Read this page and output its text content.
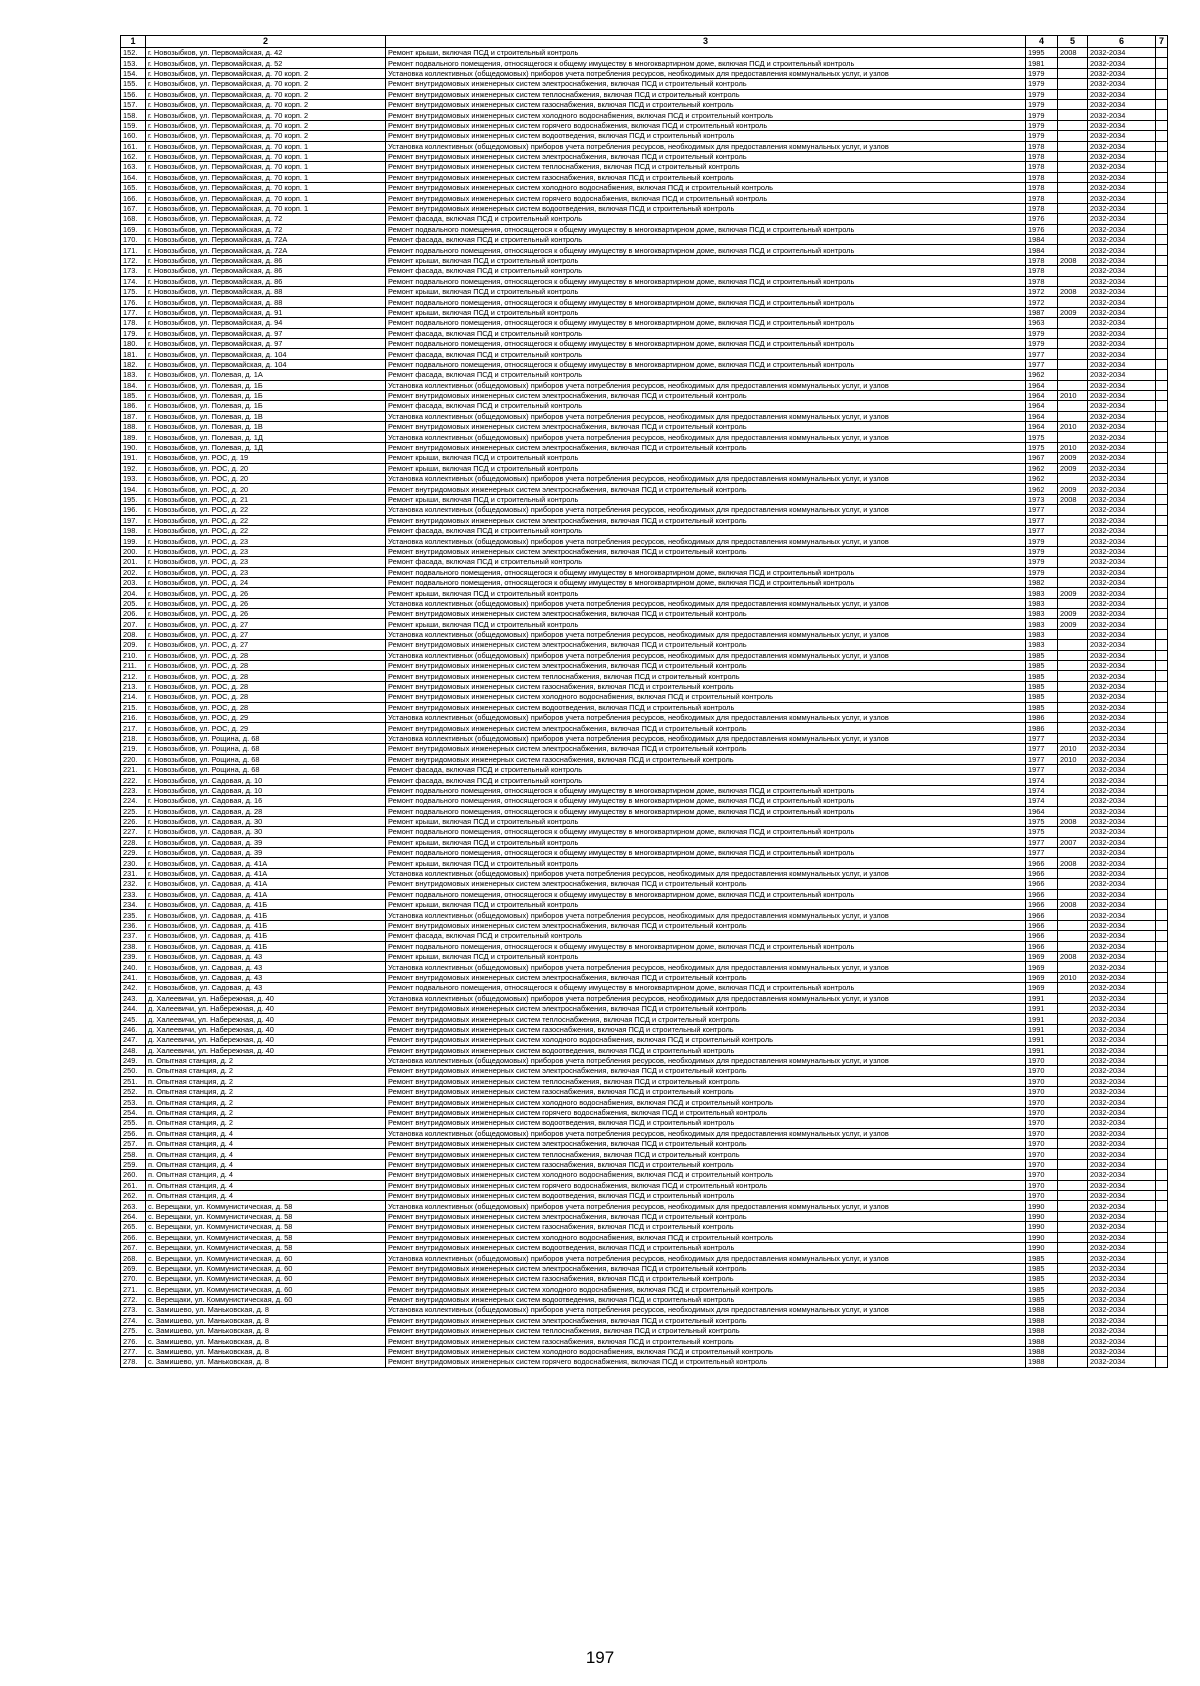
1	2	3	4	5	6	7
152.	г. Новозыбков, ул. Первомайская, д. 42	Ремонт крыши, включая ПСД и строительный контроль	1995	2008	2032-2034	
153.	г. Новозыбков, ул. Первомайская, д. 52	Ремонт подвального помещения, относящегося к общему имуществу в многоквартирном доме, включая ПСД и строительный контроль	1981		2032-2034	
154.	г. Новозыбков, ул. Первомайская, д. 70 корп. 2	Установка коллективных (общедомовых) приборов учета потребления ресурсов, необходимых для предоставления коммунальных услуг, и узлов	1979		2032-2034	
155.	г. Новозыбков, ул. Первомайская, д. 70 корп. 2	Ремонт внутридомовых инженерных систем электроснабжения, включая ПСД и строительный контроль	1979		2032-2034	
156.	г. Новозыбков, ул. Первомайская, д. 70 корп. 2	Ремонт внутридомовых инженерных систем теплоснабжения, включая ПСД и строительный контроль	1979		2032-2034	
157.	г. Новозыбков, ул. Первомайская, д. 70 корп. 2	Ремонт внутридомовых инженерных систем газоснабжения, включая ПСД и строительный контроль	1979		2032-2034	
158.	г. Новозыбков, ул. Первомайская, д. 70 корп. 2	Ремонт внутридомовых инженерных систем холодного водоснабжения, включая ПСД и строительный контроль	1979		2032-2034	
159.	г. Новозыбков, ул. Первомайская, д. 70 корп. 2	Ремонт внутридомовых инженерных систем горячего водоснабжения, включая ПСД и строительный контроль	1979		2032-2034	
160.	г. Новозыбков, ул. Первомайская, д. 70 корп. 2	Ремонт внутридомовых инженерных систем водоотведения, включая ПСД и строительный контроль	1979		2032-2034	
161.	г. Новозыбков, ул. Первомайская, д. 70 корп. 1	Установка коллективных (общедомовых) приборов учета потребления ресурсов, необходимых для предоставления коммунальных услуг, и узлов	1978		2032-2034	
162.	г. Новозыбков, ул. Первомайская, д. 70 корп. 1	Ремонт внутридомовых инженерных систем электроснабжения, включая ПСД и строительный контроль	1978		2032-2034	
163.	г. Новозыбков, ул. Первомайская, д. 70 корп. 1	Ремонт внутридомовых инженерных систем теплоснабжения, включая ПСД и строительный контроль	1978		2032-2034	
164.	г. Новозыбков, ул. Первомайская, д. 70 корп. 1	Ремонт внутридомовых инженерных систем газоснабжения, включая ПСД и строительный контроль	1978		2032-2034	
165.	г. Новозыбков, ул. Первомайская, д. 70 корп. 1	Ремонт внутридомовых инженерных систем холодного водоснабжения, включая ПСД и строительный контроль	1978		2032-2034	
166.	г. Новозыбков, ул. Первомайская, д. 70 корп. 1	Ремонт внутридомовых инженерных систем горячего водоснабжения, включая ПСД и строительный контроль	1978		2032-2034	
167.	г. Новозыбков, ул. Первомайская, д. 70 корп. 1	Ремонт внутридомовых инженерных систем водоотведения, включая ПСД и строительный контроль	1978		2032-2034	
168.	г. Новозыбков, ул. Первомайская, д. 72	Ремонт фасада, включая ПСД и строительный контроль	1976		2032-2034	
169.	г. Новозыбков, ул. Первомайская, д. 72	Ремонт подвального помещения, относящегося к общему имуществу в многоквартирном доме, включая ПСД и строительный контроль	1976		2032-2034	
170.	г. Новозыбков, ул. Первомайская, д. 72А	Ремонт фасада, включая ПСД и строительный контроль	1984		2032-2034	
171.	г. Новозыбков, ул. Первомайская, д. 72А	Ремонт подвального помещения, относящегося к общему имуществу в многоквартирном доме, включая ПСД и строительный контроль	1984		2032-2034	
172.	г. Новозыбков, ул. Первомайская, д. 86	Ремонт крыши, включая ПСД и строительный контроль	1978	2008	2032-2034	
173.	г. Новозыбков, ул. Первомайская, д. 86	Ремонт фасада, включая ПСД и строительный контроль	1978		2032-2034	
174.	г. Новозыбков, ул. Первомайская, д. 86	Ремонт подвального помещения, относящегося к общему имуществу в многоквартирном доме, включая ПСД и строительный контроль	1978		2032-2034	
175.	г. Новозыбков, ул. Первомайская, д. 88	Ремонт крыши, включая ПСД и строительный контроль	1972	2008	2032-2034	
176.	г. Новозыбков, ул. Первомайская, д. 88	Ремонт подвального помещения, относящегося к общему имуществу в многоквартирном доме, включая ПСД и строительный контроль	1972		2032-2034	
177.	г. Новозыбков, ул. Первомайская, д. 91	Ремонт крыши, включая ПСД и строительный контроль	1987	2009	2032-2034	
178.	г. Новозыбков, ул. Первомайская, д. 94	Ремонт подвального помещения, относящегося к общему имуществу в многоквартирном доме, включая ПСД и строительный контроль	1963		2032-2034	
179.	г. Новозыбков, ул. Первомайская, д. 97	Ремонт фасада, включая ПСД и строительный контроль	1979		2032-2034	
180.	г. Новозыбков, ул. Первомайская, д. 97	Ремонт подвального помещения, относящегося к общему имуществу в многоквартирном доме, включая ПСД и строительный контроль	1979		2032-2034	
181.	г. Новозыбков, ул. Первомайская, д. 104	Ремонт фасада, включая ПСД и строительный контроль	1977		2032-2034	
182.	г. Новозыбков, ул. Первомайская, д. 104	Ремонт подвального помещения, относящегося к общему имуществу в многоквартирном доме, включая ПСД и строительный контроль	1977		2032-2034	
183.	г. Новозыбков, ул. Полевая, д. 1А	Ремонт фасада, включая ПСД и строительный контроль	1962		2032-2034	
184.	г. Новозыбков, ул. Полевая, д. 1Б	Установка коллективных (общедомовых) приборов учета потребления ресурсов, необходимых для предоставления коммунальных услуг, и узлов	1964		2032-2034	
185.	г. Новозыбков, ул. Полевая, д. 1Б	Ремонт внутридомовых инженерных систем электроснабжения, включая ПСД и строительный контроль	1964	2010	2032-2034	
186.	г. Новозыбков, ул. Полевая, д. 1Б	Ремонт фасада, включая ПСД и строительный контроль	1964		2032-2034	
187.	г. Новозыбков, ул. Полевая, д. 1В	Установка коллективных (общедомовых) приборов учета потребления ресурсов, необходимых для предоставления коммунальных услуг, и узлов	1964		2032-2034	
188.	г. Новозыбков, ул. Полевая, д. 1В	Ремонт внутридомовых инженерных систем электроснабжения, включая ПСД и строительный контроль	1964	2010	2032-2034	
189.	г. Новозыбков, ул. Полевая, д. 1Д	Установка коллективных (общедомовых) приборов учета потребления ресурсов, необходимых для предоставления коммунальных услуг, и узлов	1975		2032-2034	
190.	г. Новозыбков, ул. Полевая, д. 1Д	Ремонт внутридомовых инженерных систем электроснабжения, включая ПСД и строительный контроль	1975	2010	2032-2034	
191.	г. Новозыбков, ул. РОС, д. 19	Ремонт крыши, включая ПСД и строительный контроль	1967	2009	2032-2034	
192.	г. Новозыбков, ул. РОС, д. 20	Ремонт крыши, включая ПСД и строительный контроль	1962	2009	2032-2034	
193.	г. Новозыбков, ул. РОС, д. 20	Установка коллективных (общедомовых) приборов учета потребления ресурсов, необходимых для предоставления коммунальных услуг, и узлов	1962		2032-2034	
194.	г. Новозыбков, ул. РОС, д. 20	Ремонт внутридомовых инженерных систем электроснабжения, включая ПСД и строительный контроль	1962	2009	2032-2034	
195.	г. Новозыбков, ул. РОС, д. 21	Ремонт крыши, включая ПСД и строительный контроль	1973	2008	2032-2034	
196.	г. Новозыбков, ул. РОС, д. 22	Установка коллективных (общедомовых) приборов учета потребления ресурсов, необходимых для предоставления коммунальных услуг, и узлов	1977		2032-2034	
197.	г. Новозыбков, ул. РОС, д. 22	Ремонт внутридомовых инженерных систем электроснабжения, включая ПСД и строительный контроль	1977		2032-2034	
198.	г. Новозыбков, ул. РОС, д. 22	Ремонт фасада, включая ПСД и строительный контроль	1977		2032-2034	
199.	г. Новозыбков, ул. РОС, д. 23	Установка коллективных (общедомовых) приборов учета потребления ресурсов, необходимых для предоставления коммунальных услуг, и узлов	1979		2032-2034	
200.	г. Новозыбков, ул. РОС, д. 23	Ремонт внутридомовых инженерных систем электроснабжения, включая ПСД и строительный контроль	1979		2032-2034	
201.	г. Новозыбков, ул. РОС, д. 23	Ремонт фасада, включая ПСД и строительный контроль	1979		2032-2034	
202.	г. Новозыбков, ул. РОС, д. 23	Ремонт подвального помещения, относящегося к общему имуществу в многоквартирном доме, включая ПСД и строительный контроль	1979		2032-2034	
203.	г. Новозыбков, ул. РОС, д. 24	Ремонт подвального помещения, относящегося к общему имуществу в многоквартирном доме, включая ПСД и строительный контроль	1982		2032-2034	
204.	г. Новозыбков, ул. РОС, д. 26	Ремонт крыши, включая ПСД и строительный контроль	1983	2009	2032-2034	
205.	г. Новозыбков, ул. РОС, д. 26	Установка коллективных (общедомовых) приборов учета потребления ресурсов, необходимых для предоставления коммунальных услуг, и узлов	1983		2032-2034	
206.	г. Новозыбков, ул. РОС, д. 26	Ремонт внутридомовых инженерных систем электроснабжения, включая ПСД и строительный контроль	1983	2009	2032-2034	
207.	г. Новозыбков, ул. РОС, д. 27	Ремонт крыши, включая ПСД и строительный контроль	1983	2009	2032-2034	
208.	г. Новозыбков, ул. РОС, д. 27	Установка коллективных (общедомовых) приборов учета потребления ресурсов, необходимых для предоставления коммунальных услуг, и узлов	1983		2032-2034	
209.	г. Новозыбков, ул. РОС, д. 27	Ремонт внутридомовых инженерных систем электроснабжения, включая ПСД и строительный контроль	1983		2032-2034	
210.	г. Новозыбков, ул. РОС, д. 28	Установка коллективных (общедомовых) приборов учета потребления ресурсов, необходимых для предоставления коммунальных услуг, и узлов	1985		2032-2034	
211.	г. Новозыбков, ул. РОС, д. 28	Ремонт внутридомовых инженерных систем электроснабжения, включая ПСД и строительный контроль	1985		2032-2034	
212.	г. Новозыбков, ул. РОС, д. 28	Ремонт внутридомовых инженерных систем теплоснабжения, включая ПСД и строительный контроль	1985		2032-2034	
213.	г. Новозыбков, ул. РОС, д. 28	Ремонт внутридомовых инженерных систем газоснабжения, включая ПСД и строительный контроль	1985		2032-2034	
214.	г. Новозыбков, ул. РОС, д. 28	Ремонт внутридомовых инженерных систем холодного водоснабжения, включая ПСД и строительный контроль	1985		2032-2034	
215.	г. Новозыбков, ул. РОС, д. 28	Ремонт внутридомовых инженерных систем водоотведения, включая ПСД и строительный контроль	1985		2032-2034	
216.	г. Новозыбков, ул. РОС, д. 29	Установка коллективных (общедомовых) приборов учета потребления ресурсов, необходимых для предоставления коммунальных услуг, и узлов	1986		2032-2034	
217.	г. Новозыбков, ул. РОС, д. 29	Ремонт внутридомовых инженерных систем электроснабжения, включая ПСД и строительный контроль	1986		2032-2034	
218.	г. Новозыбков, ул. Рощина, д. 68	Установка коллективных (общедомовых) приборов учета потребления ресурсов, необходимых для предоставления коммунальных услуг, и узлов	1977		2032-2034	
219.	г. Новозыбков, ул. Рощина, д. 68	Ремонт внутридомовых инженерных систем электроснабжения, включая ПСД и строительный контроль	1977	2010	2032-2034	
220.	г. Новозыбков, ул. Рощина, д. 68	Ремонт внутридомовых инженерных систем газоснабжения, включая ПСД и строительный контроль	1977	2010	2032-2034	
221.	г. Новозыбков, ул. Рощина, д. 68	Ремонт фасада, включая ПСД и строительный контроль	1977		2032-2034	
222.	г. Новозыбков, ул. Садовая, д. 10	Ремонт фасада, включая ПСД и строительный контроль	1974		2032-2034	
223.	г. Новозыбков, ул. Садовая, д. 10	Ремонт подвального помещения, относящегося к общему имуществу в многоквартирном доме, включая ПСД и строительный контроль	1974		2032-2034	
224.	г. Новозыбков, ул. Садовая, д. 16	Ремонт подвального помещения, относящегося к общему имуществу в многоквартирном доме, включая ПСД и строительный контроль	1974		2032-2034	
225.	г. Новозыбков, ул. Садовая, д. 28	Ремонт подвального помещения, относящегося к общему имуществу в многоквартирном доме, включая ПСД и строительный контроль	1964		2032-2034	
226.	г. Новозыбков, ул. Садовая, д. 30	Ремонт крыши, включая ПСД и строительный контроль	1975	2008	2032-2034	
227.	г. Новозыбков, ул. Садовая, д. 30	Ремонт подвального помещения, относящегося к общему имуществу в многоквартирном доме, включая ПСД и строительный контроль	1975		2032-2034	
228.	г. Новозыбков, ул. Садовая, д. 39	Ремонт крыши, включая ПСД и строительный контроль	1977	2007	2032-2034	
229.	г. Новозыбков, ул. Садовая, д. 39	Ремонт подвального помещения, относящегося к общему имуществу в многоквартирном доме, включая ПСД и строительный контроль	1977		2032-2034	
230.	г. Новозыбков, ул. Садовая, д. 41А	Ремонт крыши, включая ПСД и строительный контроль	1966	2008	2032-2034	
231.	г. Новозыбков, ул. Садовая, д. 41А	Установка коллективных (общедомовых) приборов учета потребления ресурсов, необходимых для предоставления коммунальных услуг, и узлов	1966		2032-2034	
232.	г. Новозыбков, ул. Садовая, д. 41А	Ремонт внутридомовых инженерных систем электроснабжения, включая ПСД и строительный контроль	1966		2032-2034	
233.	г. Новозыбков, ул. Садовая, д. 41А	Ремонт подвального помещения, относящегося к общему имуществу в многоквартирном доме, включая ПСД и строительный контроль	1966		2032-2034	
234.	г. Новозыбков, ул. Садовая, д. 41Б	Ремонт крыши, включая ПСД и строительный контроль	1966	2008	2032-2034	
235.	г. Новозыбков, ул. Садовая, д. 41Б	Установка коллективных (общедомовых) приборов учета потребления ресурсов, необходимых для предоставления коммунальных услуг, и узлов	1966		2032-2034	
236.	г. Новозыбков, ул. Садовая, д. 41Б	Ремонт внутридомовых инженерных систем электроснабжения, включая ПСД и строительный контроль	1966		2032-2034	
237.	г. Новозыбков, ул. Садовая, д. 41Б	Ремонт фасада, включая ПСД и строительный контроль	1966		2032-2034	
238.	г. Новозыбков, ул. Садовая, д. 41Б	Ремонт подвального помещения, относящегося к общему имуществу в многоквартирном доме, включая ПСД и строительный контроль	1966		2032-2034	
239.	г. Новозыбков, ул. Садовая, д. 43	Ремонт крыши, включая ПСД и строительный контроль	1969	2008	2032-2034	
240.	г. Новозыбков, ул. Садовая, д. 43	Установка коллективных (общедомовых) приборов учета потребления ресурсов, необходимых для предоставления коммунальных услуг, и узлов	1969		2032-2034	
241.	г. Новозыбков, ул. Садовая, д. 43	Ремонт внутридомовых инженерных систем электроснабжения, включая ПСД и строительный контроль	1969	2010	2032-2034	
242.	г. Новозыбков, ул. Садовая, д. 43	Ремонт подвального помещения, относящегося к общему имуществу в многоквартирном доме, включая ПСД и строительный контроль	1969		2032-2034	
243.	д. Халеевичи, ул. Набережная, д. 40	Установка коллективных (общедомовых) приборов учета потребления ресурсов, необходимых для предоставления коммунальных услуг, и узлов	1991		2032-2034	
244.	д. Халеевичи, ул. Набережная, д. 40	Ремонт внутридомовых инженерных систем электроснабжения, включая ПСД и строительный контроль	1991		2032-2034	
245.	д. Халеевичи, ул. Набережная, д. 40	Ремонт внутридомовых инженерных систем теплоснабжения, включая ПСД и строительный контроль	1991		2032-2034	
246.	д. Халеевичи, ул. Набережная, д. 40	Ремонт внутридомовых инженерных систем газоснабжения, включая ПСД и строительный контроль	1991		2032-2034	
247.	д. Халеевичи, ул. Набережная, д. 40	Ремонт внутридомовых инженерных систем холодного водоснабжения, включая ПСД и строительный контроль	1991		2032-2034	
248.	д. Халеевичи, ул. Набережная, д. 40	Ремонт внутридомовых инженерных систем водоотведения, включая ПСД и строительный контроль	1991		2032-2034	
249.	п. Опытная станция, д. 2	Установка коллективных (общедомовых) приборов учета потребления ресурсов, необходимых для предоставления коммунальных услуг, и узлов	1970		2032-2034	
250.	п. Опытная станция, д. 2	Ремонт внутридомовых инженерных систем электроснабжения, включая ПСД и строительный контроль	1970		2032-2034	
251.	п. Опытная станция, д. 2	Ремонт внутридомовых инженерных систем теплоснабжения, включая ПСД и строительный контроль	1970		2032-2034	
252.	п. Опытная станция, д. 2	Ремонт внутридомовых инженерных систем газоснабжения, включая ПСД и строительный контроль	1970		2032-2034	
253.	п. Опытная станция, д. 2	Ремонт внутридомовых инженерных систем холодного водоснабжения, включая ПСД и строительный контроль	1970		2032-2034	
254.	п. Опытная станция, д. 2	Ремонт внутридомовых инженерных систем горячего водоснабжения, включая ПСД и строительный контроль	1970		2032-2034	
255.	п. Опытная станция, д. 2	Ремонт внутридомовых инженерных систем водоотведения, включая ПСД и строительный контроль	1970		2032-2034	
256.	п. Опытная станция, д. 4	Установка коллективных (общедомовых) приборов учета потребления ресурсов, необходимых для предоставления коммунальных услуг, и узлов	1970		2032-2034	
257.	п. Опытная станция, д. 4	Ремонт внутридомовых инженерных систем электроснабжения, включая ПСД и строительный контроль	1970		2032-2034	
258.	п. Опытная станция, д. 4	Ремонт внутридомовых инженерных систем теплоснабжения, включая ПСД и строительный контроль	1970		2032-2034	
259.	п. Опытная станция, д. 4	Ремонт внутридомовых инженерных систем газоснабжения, включая ПСД и строительный контроль	1970		2032-2034	
260.	п. Опытная станция, д. 4	Ремонт внутридомовых инженерных систем холодного водоснабжения, включая ПСД и строительный контроль	1970		2032-2034	
261.	п. Опытная станция, д. 4	Ремонт внутридомовых инженерных систем горячего водоснабжения, включая ПСД и строительный контроль	1970		2032-2034	
262.	п. Опытная станция, д. 4	Ремонт внутридомовых инженерных систем водоотведения, включая ПСД и строительный контроль	1970		2032-2034	
263.	с. Верещаки, ул. Коммунистическая, д. 58	Установка коллективных (общедомовых) приборов учета потребления ресурсов, необходимых для предоставления коммунальных услуг, и узлов	1990		2032-2034	
264.	с. Верещаки, ул. Коммунистическая, д. 58	Ремонт внутридомовых инженерных систем электроснабжения, включая ПСД и строительный контроль	1990		2032-2034	
265.	с. Верещаки, ул. Коммунистическая, д. 58	Ремонт внутридомовых инженерных систем газоснабжения, включая ПСД и строительный контроль	1990		2032-2034	
266.	с. Верещаки, ул. Коммунистическая, д. 58	Ремонт внутридомовых инженерных систем холодного водоснабжения, включая ПСД и строительный контроль	1990		2032-2034	
267.	с. Верещаки, ул. Коммунистическая, д. 58	Ремонт внутридомовых инженерных систем водоотведения, включая ПСД и строительный контроль	1990		2032-2034	
268.	с. Верещаки, ул. Коммунистическая, д. 60	Установка коллективных (общедомовых) приборов учета потребления ресурсов, необходимых для предоставления коммунальных услуг, и узлов	1985		2032-2034	
269.	с. Верещаки, ул. Коммунистическая, д. 60	Ремонт внутридомовых инженерных систем электроснабжения, включая ПСД и строительный контроль	1985		2032-2034	
270.	с. Верещаки, ул. Коммунистическая, д. 60	Ремонт внутридомовых инженерных систем газоснабжения, включая ПСД и строительный контроль	1985		2032-2034	
271.	с. Верещаки, ул. Коммунистическая, д. 60	Ремонт внутридомовых инженерных систем холодного водоснабжения, включая ПСД и строительный контроль	1985		2032-2034	
272.	с. Верещаки, ул. Коммунистическая, д. 60	Ремонт внутридомовых инженерных систем водоотведения, включая ПСД и строительный контроль	1985		2032-2034	
273.	с. Замишево, ул. Маньковская, д. 8	Установка коллективных (общедомовых) приборов учета потребления ресурсов, необходимых для предоставления коммунальных услуг, и узлов	1988		2032-2034	
274.	с. Замишево, ул. Маньковская, д. 8	Ремонт внутридомовых инженерных систем электроснабжения, включая ПСД и строительный контроль	1988		2032-2034	
275.	с. Замишево, ул. Маньковская, д. 8	Ремонт внутридомовых инженерных систем теплоснабжения, включая ПСД и строительный контроль	1988		2032-2034	
276.	с. Замишево, ул. Маньковская, д. 8	Ремонт внутридомовых инженерных систем газоснабжения, включая ПСД и строительный контроль	1988		2032-2034	
277.	с. Замишево, ул. Маньковская, д. 8	Ремонт внутридомовых инженерных систем холодного водоснабжения, включая ПСД и строительный контроль	1988		2032-2034	
278.	с. Замишево, ул. Маньковская, д. 8	Ремонт внутридомовых инженерных систем горячего водоснабжения, включая ПСД и строительный контроль	1988		2032-2034	
197
